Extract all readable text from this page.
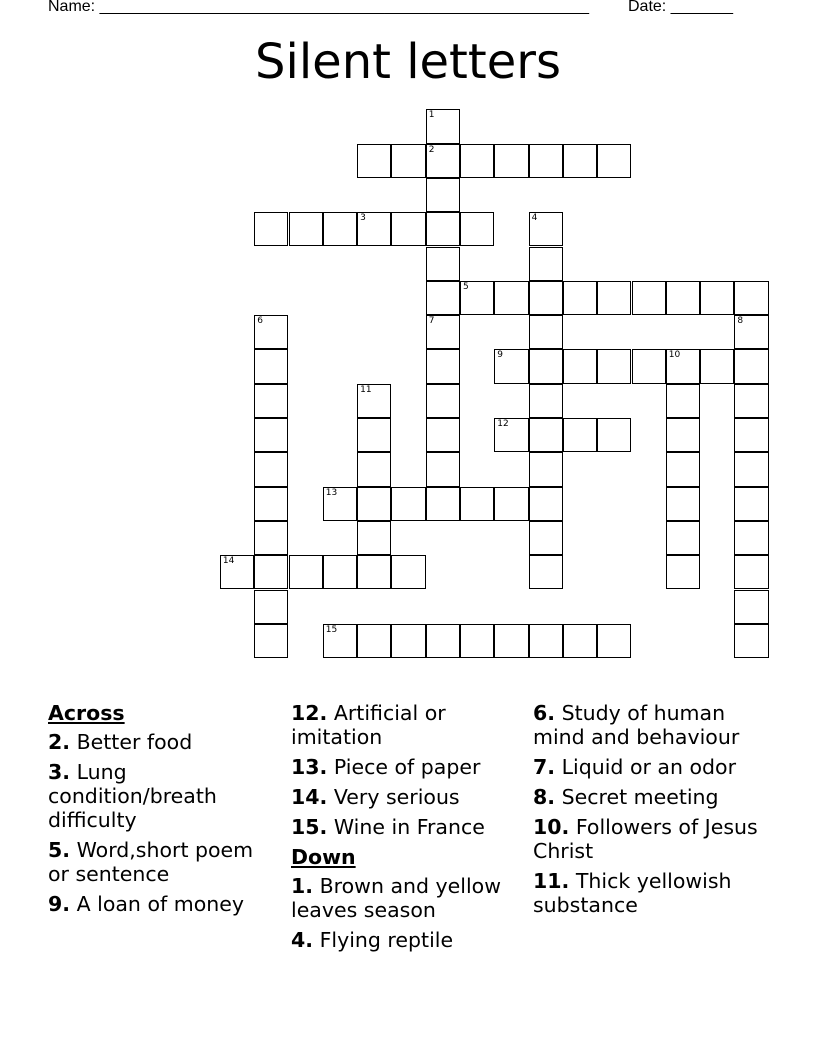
Name: _______________________________________________________ Date: _______
Silent letters
1
2
3	4
5
6	7	8
9	10
11
12
13
14
15
Across
2. Better food
3. Lung condition/breath difficulty
5. Word,short poem or sentence
9. A loan of money
12. Artificial or imitation
13. Piece of paper
14. Very serious
15. Wine in France
Down
1. Brown and yellow leaves season
4. Flying reptile
6. Study of human mind and behaviour
7. Liquid or an odor
8. Secret meeting
10. Followers of Jesus Christ
11. Thick yellowish substance
